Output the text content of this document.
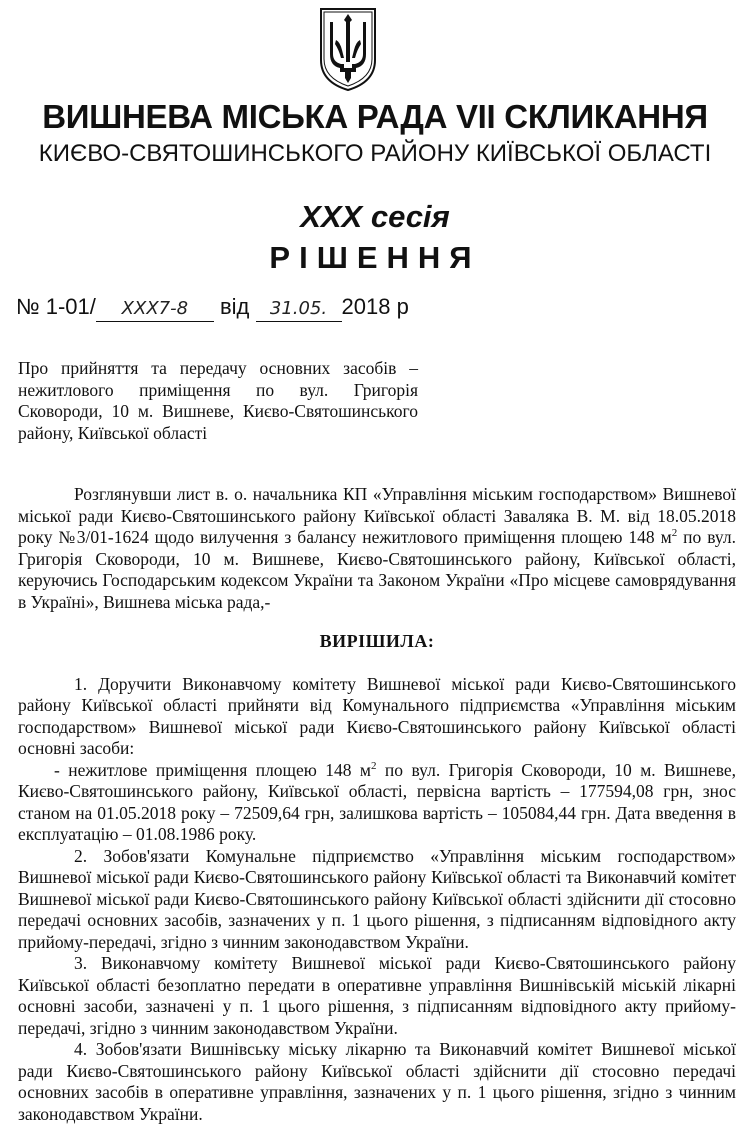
ВИШНЕВА МІСЬКА РАДА VII СКЛИКАННЯ
КИЄВО-СВЯТОШИНСЬКОГО РАЙОНУ КИЇВСЬКОЇ ОБЛАСТІ
XXX сесія
РІШЕННЯ
№ 1-01/ XXX7-8 від 31.05. 2018 р
Про прийняття та передачу основних засобів – нежитлового приміщення по вул. Григорія Сковороди, 10 м. Вишневе, Києво-Святошинського району, Київської області

Розглянувши лист в. о. начальника КП «Управління міським господарством» Вишневої міської ради Києво-Святошинського району Київської області Заваляка В. М. від 18.05.2018 року №3/01-1624 щодо вилучення з балансу нежитлового приміщення площею 148 $м^2$ по вул. Григорія Сковороди, 10 м. Вишневе, Києво-Святошинського району, Київської області, керуючись Господарським кодексом України та Законом України «Про місцеве самоврядування в Україні», Вишнева міська рада,-

ВИРІШИЛА:

1. Доручити Виконавчому комітету Вишневої міської ради Києво-Святошинського району Київської області прийняти від Комунального підприємства «Управління міським господарством» Вишневої міської ради Києво-Святошинського району Київської області основні засоби:

- нежитлове приміщення площею 148 $м^2$ по вул. Григорія Сковороди, 10 м. Вишневе, Києво-Святошинського району, Київської області, первісна вартість – 177594,08 грн, знос станом на 01.05.2018 року – 72509,64 грн, залишкова вартість – 105084,44 грн. Дата введення в експлуатацію – 01.08.1986 року.

2. Зобов'язати Комунальне підприємство «Управління міським господарством» Вишневої міської ради Києво-Святошинського району Київської області та Виконавчий комітет Вишневої міської ради Києво-Святошинського району Київської області здійснити дії стосовно передачі основних засобів, зазначених у п. 1 цього рішення, з підписанням відповідного акту прийому-передачі, згідно з чинним законодавством України.

3. Виконавчому комітету Вишневої міської ради Києво-Святошинського району Київської області безоплатно передати в оперативне управління Вишнівській міській лікарні основні засоби, зазначені у п. 1 цього рішення, з підписанням відповідного акту прийому-передачі, згідно з чинним законодавством України.

4. Зобов'язати Вишнівську міську лікарню та Виконавчий комітет Вишневої міської ради Києво-Святошинського району Київської області здійснити дії стосовно передачі основних засобів в оперативне управління, зазначених у п. 1 цього рішення, згідно з чинним законодавством України.
